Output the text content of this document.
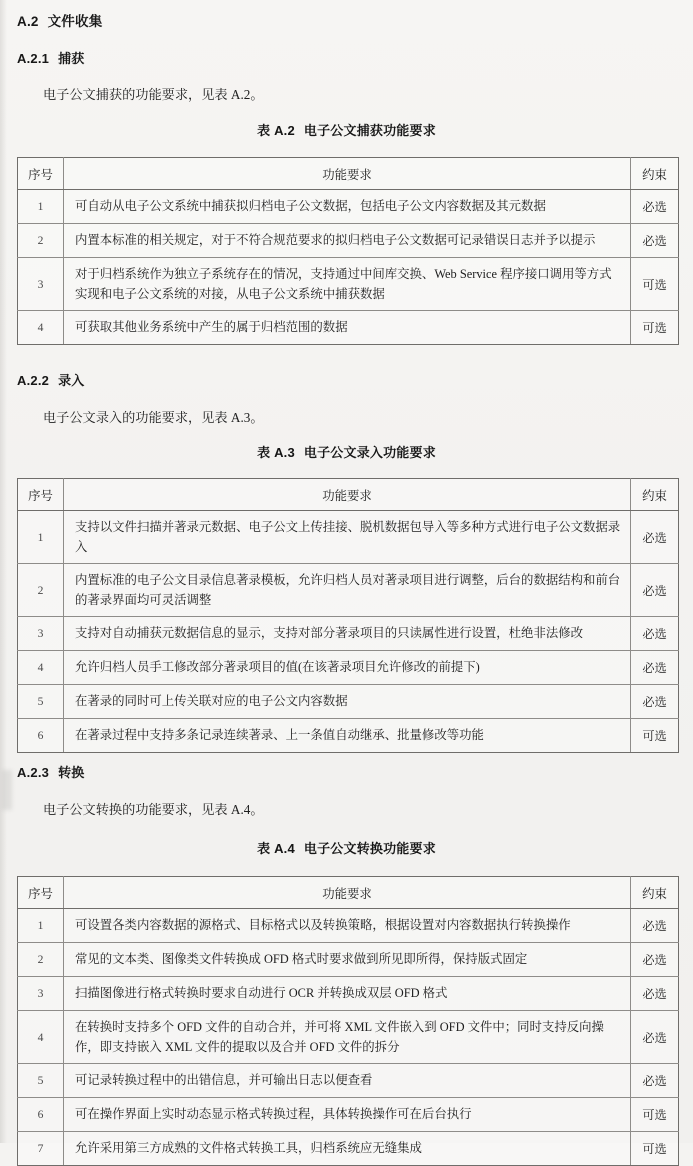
A.2 文件收集
A.2.1 捕获

电子公文捕获的功能要求，见表 A.2。

表 A.2 电子公文捕获功能要求
序号	功能要求	约束
1	可自动从电子公文系统中捕获拟归档电子公文数据，包括电子公文内容数据及其元数据	必选
2	内置本标准的相关规定，对于不符合规范要求的拟归档电子公文数据可记录错误日志并予以提示	必选
3	对于归档系统作为独立子系统存在的情况，支持通过中间库交换、Web Service 程序接口调用等方式实现和电子公文系统的对接，从电子公文系统中捕获数据	可选
4	可获取其他业务系统中产生的属于归档范围的数据	可选
A.2.2 录入

电子公文录入的功能要求，见表 A.3。

表 A.3 电子公文录入功能要求
序号	功能要求	约束
1	支持以文件扫描并著录元数据、电子公文上传挂接、脱机数据包导入等多种方式进行电子公文数据录入	必选
2	内置标准的电子公文目录信息著录模板，允许归档人员对著录项目进行调整，后台的数据结构和前台的著录界面均可灵活调整	必选
3	支持对自动捕获元数据信息的显示，支持对部分著录项目的只读属性进行设置，杜绝非法修改	必选
4	允许归档人员手工修改部分著录项目的值(在该著录项目允许修改的前提下)	必选
5	在著录的同时可上传关联对应的电子公文内容数据	必选
6	在著录过程中支持多条记录连续著录、上一条值自动继承、批量修改等功能	可选
A.2.3 转换

电子公文转换的功能要求，见表 A.4。

表 A.4 电子公文转换功能要求
序号	功能要求	约束
1	可设置各类内容数据的源格式、目标格式以及转换策略，根据设置对内容数据执行转换操作	必选
2	常见的文本类、图像类文件转换成 OFD 格式时要求做到所见即所得，保持版式固定	必选
3	扫描图像进行格式转换时要求自动进行 OCR 并转换成双层 OFD 格式	必选
4	在转换时支持多个 OFD 文件的自动合并，并可将 XML 文件嵌入到 OFD 文件中；同时支持反向操作，即支持嵌入 XML 文件的提取以及合并 OFD 文件的拆分	必选
5	可记录转换过程中的出错信息，并可输出日志以便查看	必选
6	可在操作界面上实时动态显示格式转换过程，具体转换操作可在后台执行	可选
7	允许采用第三方成熟的文件格式转换工具，归档系统应无缝集成	可选
